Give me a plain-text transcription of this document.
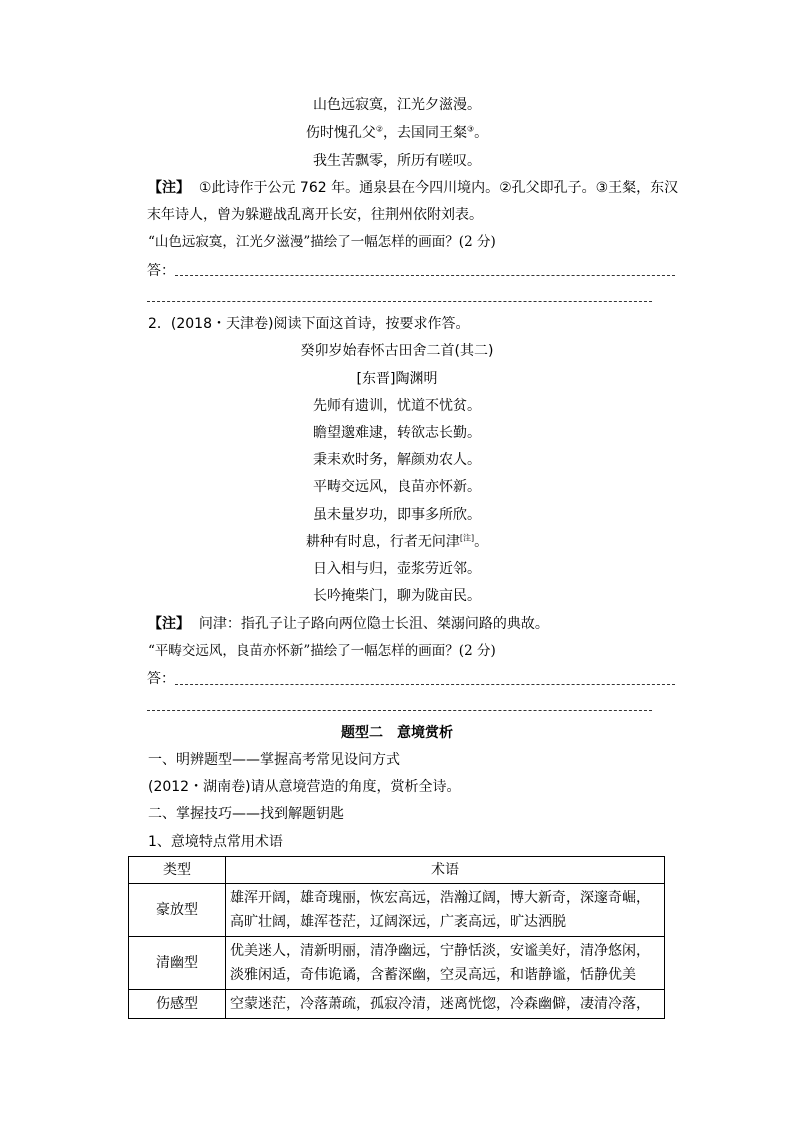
山色远寂寞，江光夕滋漫。
伤时愧孔父②，去国同王粲③。
我生苦飘零，所历有嗟叹。
【注】 ①此诗作于公元 762 年。通泉县在今四川境内。②孔父即孔子。③王粲，东汉
末年诗人，曾为躲避战乱离开长安，往荆州依附刘表。
“山色远寂寞，江光夕滋漫”描绘了一幅怎样的画面？(2 分)
答：
2．(2018・天津卷)阅读下面这首诗，按要求作答。
癸卯岁始春怀古田舍二首(其二)
[东晋]陶渊明
先师有遗训，忧道不忧贫。
瞻望邈难逮，转欲志长勤。
秉耒欢时务，解颜劝农人。
平畴交远风，良苗亦怀新。
虽未量岁功，即事多所欣。
耕种有时息，行者无问津[注]。
日入相与归，壶浆劳近邻。
长吟掩柴门，聊为陇亩民。
【注】 问津：指孔子让子路向两位隐士长沮、桀溺问路的典故。
“平畴交远风，良苗亦怀新”描绘了一幅怎样的画面？(2 分)
答：
题型二　意境赏析
一、明辨题型——掌握高考常见设问方式
(2012・湖南卷)请从意境营造的角度，赏析全诗。
二、掌握技巧——找到解题钥匙
1、意境特点常用术语
类型	术语
豪放型	雄浑开阔，雄奇瑰丽，恢宏高远，浩瀚辽阔，博大新奇，深邃奇崛，
高旷壮阔，雄浑苍茫，辽阔深远，广袤高远，旷达洒脱

清幽型	优美迷人，清新明丽，清净幽远，宁静恬淡，安谧美好，清净悠闲，
淡雅闲适，奇伟诡谲，含蓄深幽，空灵高远，和谐静谧，恬静优美

伤感型	空蒙迷茫，冷落萧疏，孤寂冷清，迷离恍惚，冷森幽僻，凄清冷落，
